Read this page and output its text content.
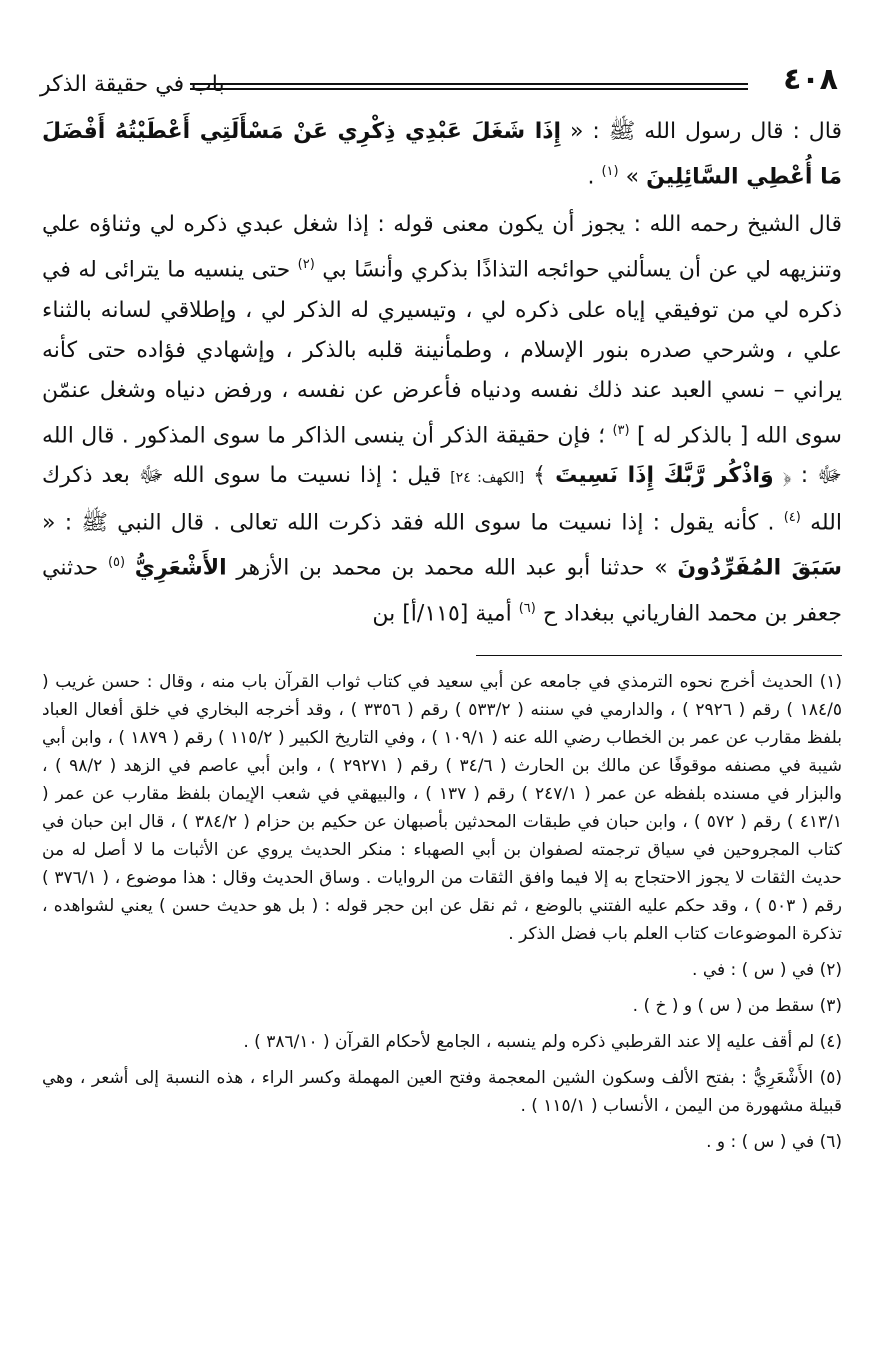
٤٠٨
باب في حقيقة الذكر

قال : قال رسول الله ﷺ : « إِذَا شَغَلَ عَبْدِي ذِكْرِي عَنْ مَسْأَلَتِي أَعْطَيْتُهُ أَفْضَلَ مَا أُعْطِي السَّائِلِينَ » $^{(١)}$ .

قال الشيخ رحمه الله : يجوز أن يكون معنى قوله : إذا شغل عبدي ذكره لي وثناؤه علي وتنزيهه لي عن أن يسألني حوائجه التذاذًا بذكري وأنسًا بي $^{(٢)}$ حتى ينسيه ما يترائى له في ذكره لي من توفيقي إياه على ذكره لي ، وتيسيري له الذكر لي ، وإطلاقي لسانه بالثناء علي ، وشرحي صدره بنور الإسلام ، وطمأنينة قلبه بالذكر ، وإشهادي فؤاده حتى كأنه يراني – نسي العبد عند ذلك نفسه ودنياه فأعرض عن نفسه ، ورفض دنياه وشغل عنمّن سوى الله [ بالذكر له ] $^{(٣)}$ ؛ فإن حقيقة الذكر أن ينسى الذاكر ما سوى المذكور . قال الله ﷻ : ﴿ وَاذْكُر رَّبَّكَ إِذَا نَسِيتَ ﴾ [الكهف: ٢٤] قيل : إذا نسيت ما سوى الله ﷻ بعد ذكرك الله $^{(٤)}$ . كأنه يقول : إذا نسيت ما سوى الله فقد ذكرت الله تعالى . قال النبي ﷺ : « سَبَقَ المُفَرِّدُونَ » حدثنا أبو عبد الله محمد بن محمد بن الأزهر الأَشْعَرِيُّ $^{(٥)}$ حدثني جعفر بن محمد الفارياني ببغداد ح $^{(٦)}$ أمية [١١٥/أ] بن

(١) الحديث أخرج نحوه الترمذي في جامعه عن أبي سعيد في كتاب ثواب القرآن باب منه ، وقال : حسن غريب ( ١٨٤/٥ ) رقم ( ٢٩٢٦ ) ، والدارمي في سننه ( ٥٣٣/٢ ) رقم ( ٣٣٥٦ ) ، وقد أخرجه البخاري في خلق أفعال العباد بلفظ مقارب عن عمر بن الخطاب رضي الله عنه ( ١٠٩/١ ) ، وفي التاريخ الكبير ( ١١٥/٢ ) رقم ( ١٨٧٩ ) ، وابن أبي شيبة في مصنفه موقوفًا عن مالك بن الحارث ( ٣٤/٦ ) رقم ( ٢٩٢٧١ ) ، وابن أبي عاصم في الزهد ( ٩٨/٢ ) ، والبزار في مسنده بلفظه عن عمر ( ٢٤٧/١ ) رقم ( ١٣٧ ) ، والبيهقي في شعب الإيمان بلفظ مقارب عن عمر ( ٤١٣/١ ) رقم ( ٥٧٢ ) ، وابن حبان في طبقات المحدثين بأصبهان عن حكيم بن حزام ( ٣٨٤/٢ ) ، قال ابن حبان في كتاب المجروحين في سياق ترجمته لصفوان بن أبي الصهباء : منكر الحديث يروي عن الأثبات ما لا أصل له من حديث الثقات لا يجوز الاحتجاج به إلا فيما وافق الثقات من الروايات . وساق الحديث وقال : هذا موضوع ، ( ٣٧٦/١ ) رقم ( ٥٠٣ ) ، وقد حكم عليه الفتني بالوضع ، ثم نقل عن ابن حجر قوله : ( بل هو حديث حسن ) يعني لشواهده ، تذكرة الموضوعات كتاب العلم باب فضل الذكر .

(٢) في ( س ) : في .

(٣) سقط من ( س ) و ( خ ) .

(٤) لم أقف عليه إلا عند القرطبي ذكره ولم ينسبه ، الجامع لأحكام القرآن ( ٣٨٦/١٠ ) .

(٥) الأَشْعَرِيُّ : بفتح الألف وسكون الشين المعجمة وفتح العين المهملة وكسر الراء ، هذه النسبة إلى أشعر ، وهي قبيلة مشهورة من اليمن ، الأنساب ( ١١٥/١ ) .

(٦) في ( س ) : و .
